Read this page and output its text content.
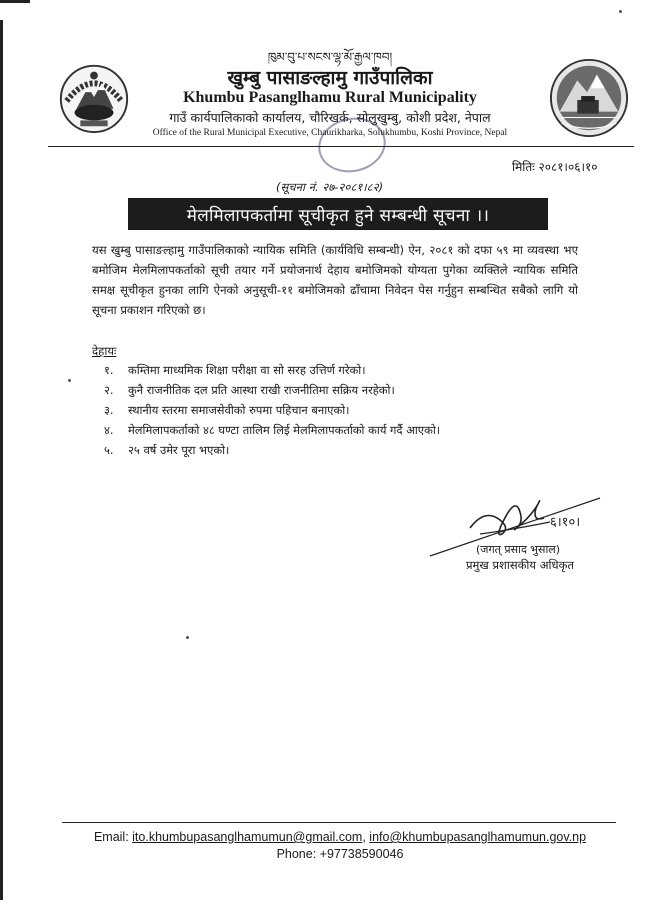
ཁུམ་བུ་པ་སངས་ལྷ་མོ་རྒྱལ་ཁབ།
खुम्बु पासाङल्हामु गाउँपालिका
Khumbu Pasanglhamu Rural Municipality
गाउँ कार्यपालिकाको कार्यालय, चौरिखर्क, सोलुखुम्बु, कोशी प्रदेश, नेपाल
Office of the Rural Municipal Executive, Chaurikharka, Solukhumbu, Koshi Province, Nepal
मितिः २०८१।०६।१०
(सूचना नं. २७-२०८१।८२)
मेलमिलापकर्तामा सूचीकृत हुने सम्बन्धी सूचना ।।
यस खुम्बु पासाङल्हामु गाउँपालिकाको न्यायिक समिति (कार्यविधि सम्बन्धी) ऐन, २०८१ को दफा ५९ मा व्यवस्था भए बमोजिम मेलमिलापकर्ताको सूची तयार गर्ने प्रयोजनार्थ देहाय बमोजिमको योग्यता पुगेका व्यक्तिले न्यायिक समिति समक्ष सूचीकृत हुनका लागि ऐनको अनुसूची-११ बमोजिमको ढाँचामा निवेदन पेस गर्नुहुन सम्बन्धित सबैको लागि यो सूचना प्रकाशन गरिएको छ।
देहायः
१. कम्तिमा माध्यमिक शिक्षा परीक्षा वा सो सरह उत्तिर्ण गरेको।
२. कुनै राजनीतिक दल प्रति आस्था राखी राजनीतिमा सक्रिय नरहेको।
३. स्थानीय स्तरमा समाजसेवीको रुपमा पहिचान बनाएको।
४. मेलमिलापकर्ताको ४८ घण्टा तालिम लिई मेलमिलापकर्ताको कार्य गर्दै आएको।
५. २५ वर्ष उमेर पूरा भएको।
६।१०।
(जगत् प्रसाद भुसाल)
प्रमुख प्रशासकीय अधिकृत
Email: ito.khumbupasanglhamumun@gmail.com, info@khumbupasanglhamumun.gov.np
Phone: +97738590046
